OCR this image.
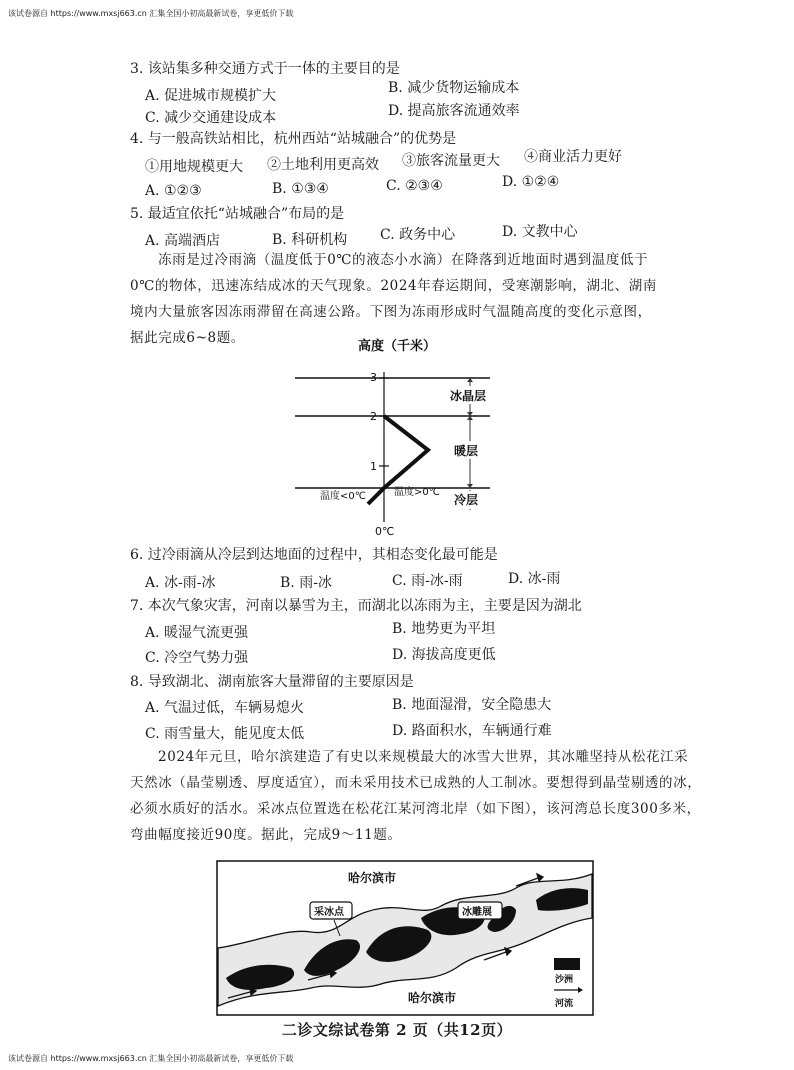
该试卷源自 https://www.mxsj663.cn 汇集全国小初高最新试卷，享更低价下载
3. 该站集多种交通方式于一体的主要目的是
A. 促进城市规模扩大	B. 减少货物运输成本
C. 减少交通建设成本	D. 提高旅客流通效率
4. 与一般高铁站相比，杭州西站“站城融合”的优势是
①用地规模更大 ②土地利用更高效 ③旅客流量更大 ④商业活力更好
A. ①②③	B. ①③④	C. ②③④	D. ①②④
5. 最适宜依托“站城融合”布局的是
A. 高端酒店	B. 科研机构 C. 政务中心	D. 文教中心
冻雨是过冷雨滴（温度低于0℃的液态小水滴）在降落到近地面时遇到温度低于
0℃的物体，迅速冻结成冰的天气现象。2024年春运期间，受寒潮影响，湖北、湖南
境内大量旅客因冻雨滞留在高速公路。下图为冻雨形成时气温随高度的变化示意图，
据此完成6~8题。
高度（千米）
3
2
1
冰晶层
暖层
冷层
温度<0℃	温度>0℃
0℃
6. 过冷雨滴从冷层到达地面的过程中，其相态变化最可能是
A. 冰-雨-冰	B. 雨-冰	C. 雨-冰-雨	D. 冰-雨
7. 本次气象灾害，河南以暴雪为主，而湖北以冻雨为主，主要是因为湖北
A. 暖湿气流更强	B. 地势更为平坦
C. 冷空气势力强	D. 海拔高度更低
8. 导致湖北、湖南旅客大量滞留的主要原因是
A. 气温过低，车辆易熄火	B. 地面湿滑，安全隐患大
C. 雨雪量大，能见度太低	D. 路面积水，车辆通行难
2024年元旦，哈尔滨建造了有史以来规模最大的冰雪大世界，其冰雕坚持从松花江采
天然冰（晶莹剔透、厚度适宜），而未采用技术已成熟的人工制冰。要想得到晶莹剔透的冰，
必须水质好的活水。采冰点位置选在松花江某河湾北岸（如下图），该河湾总长度300多米，
弯曲幅度接近90度。据此，完成9～11题。
哈尔滨市
哈尔滨市
采冰点	冰雕展
沙洲
河流
二诊文综试卷第 2 页（共12页）
该试卷源自 https://www.mxsj663.cn 汇集全国小初高最新试卷，享更低价下载
